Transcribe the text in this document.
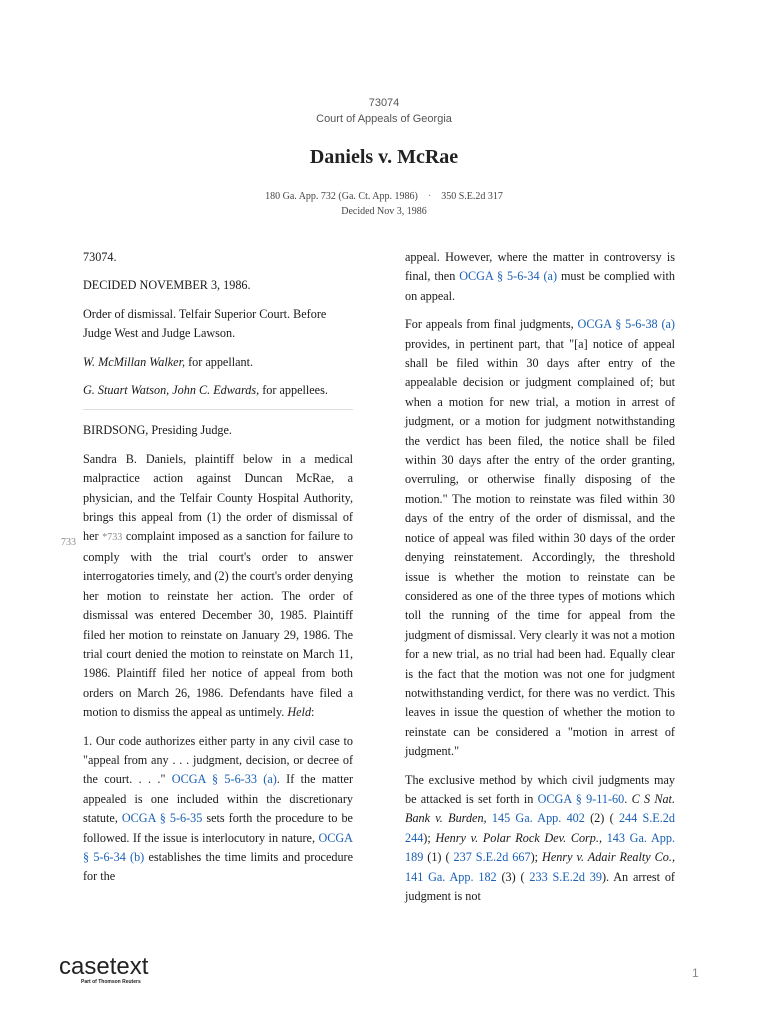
73074
Court of Appeals of Georgia
Daniels v. McRae
180 Ga. App. 732 (Ga. Ct. App. 1986) · 350 S.E.2d 317
Decided Nov 3, 1986
733

73074.

DECIDED NOVEMBER 3, 1986.

Order of dismissal. Telfair Superior Court. Before Judge West and Judge Lawson.

W. McMillan Walker, for appellant.

G. Stuart Watson, John C. Edwards, for appellees.

BIRDSONG, Presiding Judge.

Sandra B. Daniels, plaintiff below in a medical malpractice action against Duncan McRae, a physician, and the Telfair County Hospital Authority, brings this appeal from (1) the order of dismissal of her *733 complaint imposed as a sanction for failure to comply with the trial court's order to answer interrogatories timely, and (2) the court's order denying her motion to reinstate her action. The order of dismissal was entered December 30, 1985. Plaintiff filed her motion to reinstate on January 29, 1986. The trial court denied the motion to reinstate on March 11, 1986. Plaintiff filed her notice of appeal from both orders on March 26, 1986. Defendants have filed a motion to dismiss the appeal as untimely. Held:

1. Our code authorizes either party in any civil case to "appeal from any . . . judgment, decision, or decree of the court. . . ." OCGA § 5-6-33 (a). If the matter appealed is one included within the discretionary statute, OCGA § 5-6-35 sets forth the procedure to be followed. If the issue is interlocutory in nature, OCGA § 5-6-34 (b) establishes the time limits and procedure for the

appeal. However, where the matter in controversy is final, then OCGA § 5-6-34 (a) must be complied with on appeal.

For appeals from final judgments, OCGA § 5-6-38 (a) provides, in pertinent part, that "[a] notice of appeal shall be filed within 30 days after entry of the appealable decision or judgment complained of; but when a motion for new trial, a motion in arrest of judgment, or a motion for judgment notwithstanding the verdict has been filed, the notice shall be filed within 30 days after the entry of the order granting, overruling, or otherwise finally disposing of the motion." The motion to reinstate was filed within 30 days of the entry of the order of dismissal, and the notice of appeal was filed within 30 days of the order denying reinstatement. Accordingly, the threshold issue is whether the motion to reinstate can be considered as one of the three types of motions which toll the running of the time for appeal from the judgment of dismissal. Very clearly it was not a motion for a new trial, as no trial had been had. Equally clear is the fact that the motion was not one for judgment notwithstanding verdict, for there was no verdict. This leaves in issue the question of whether the motion to reinstate can be considered a "motion in arrest of judgment."

The exclusive method by which civil judgments may be attacked is set forth in OCGA § 9-11-60. C S Nat. Bank v. Burden, 145 Ga. App. 402 (2) ( 244 S.E.2d 244); Henry v. Polar Rock Dev. Corp., 143 Ga. App. 189 (1) ( 237 S.E.2d 667); Henry v. Adair Realty Co., 141 Ga. App. 182 (3) ( 233 S.E.2d 39). An arrest of judgment is not

casetext
Part of Thomson Reuters
1
